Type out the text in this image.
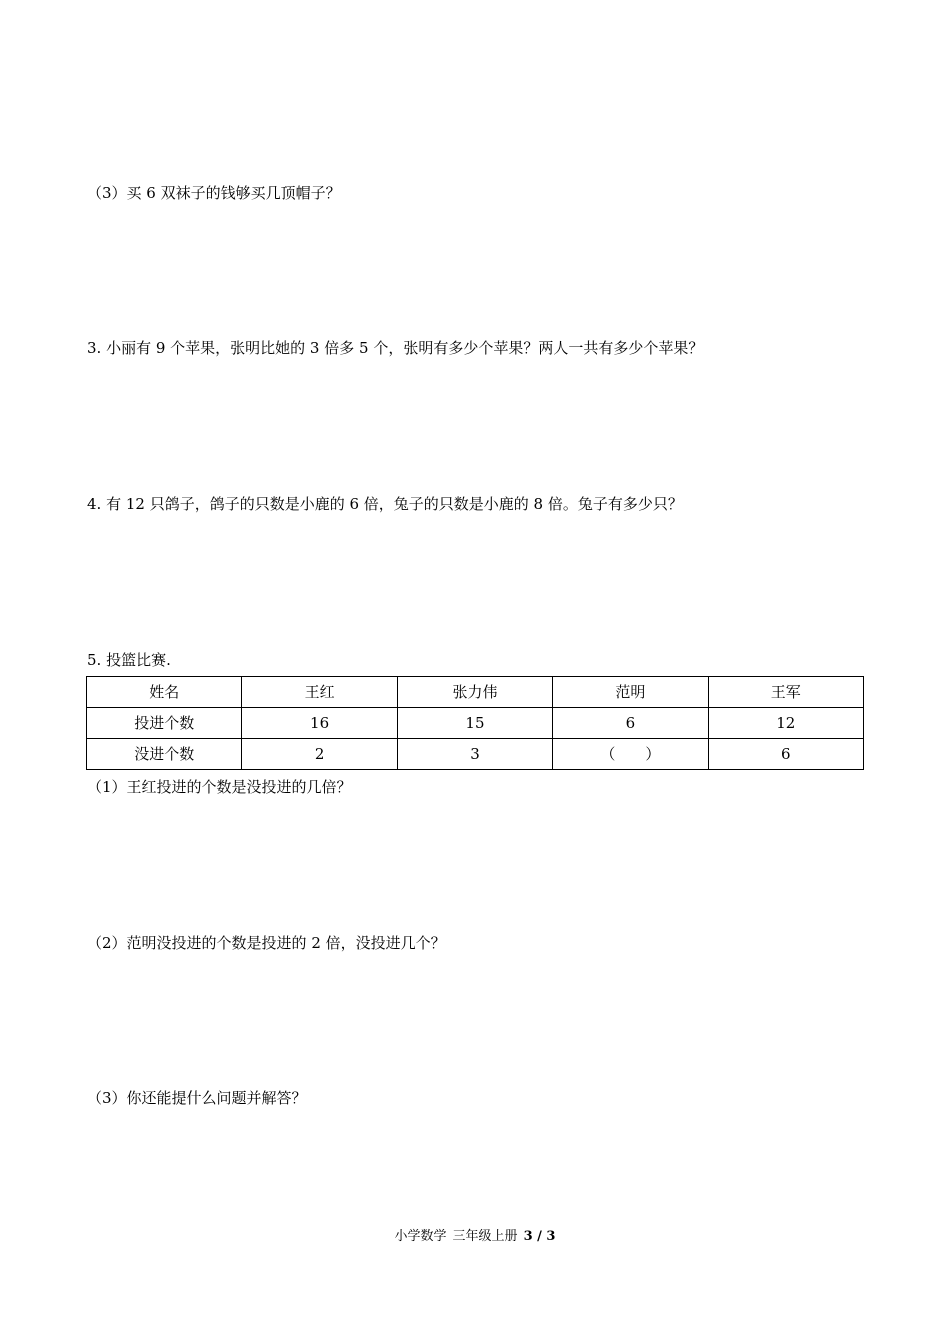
（3）买 6 双袜子的钱够买几顶帽子？
3. 小丽有 9 个苹果，张明比她的 3 倍多 5 个，张明有多少个苹果？两人一共有多少个苹果？
4. 有 12 只鸽子，鸽子的只数是小鹿的 6 倍，兔子的只数是小鹿的 8 倍。兔子有多少只？
5. 投篮比赛.
姓名	王红	张力伟	范明	王军
投进个数	16	15	6	12
没进个数	2	3	（　　）	6
（1）王红投进的个数是没投进的几倍？
（2）范明没投进的个数是投进的 2 倍，没投进几个？
（3）你还能提什么问题并解答？
小学数学 三年级上册 3 / 3
